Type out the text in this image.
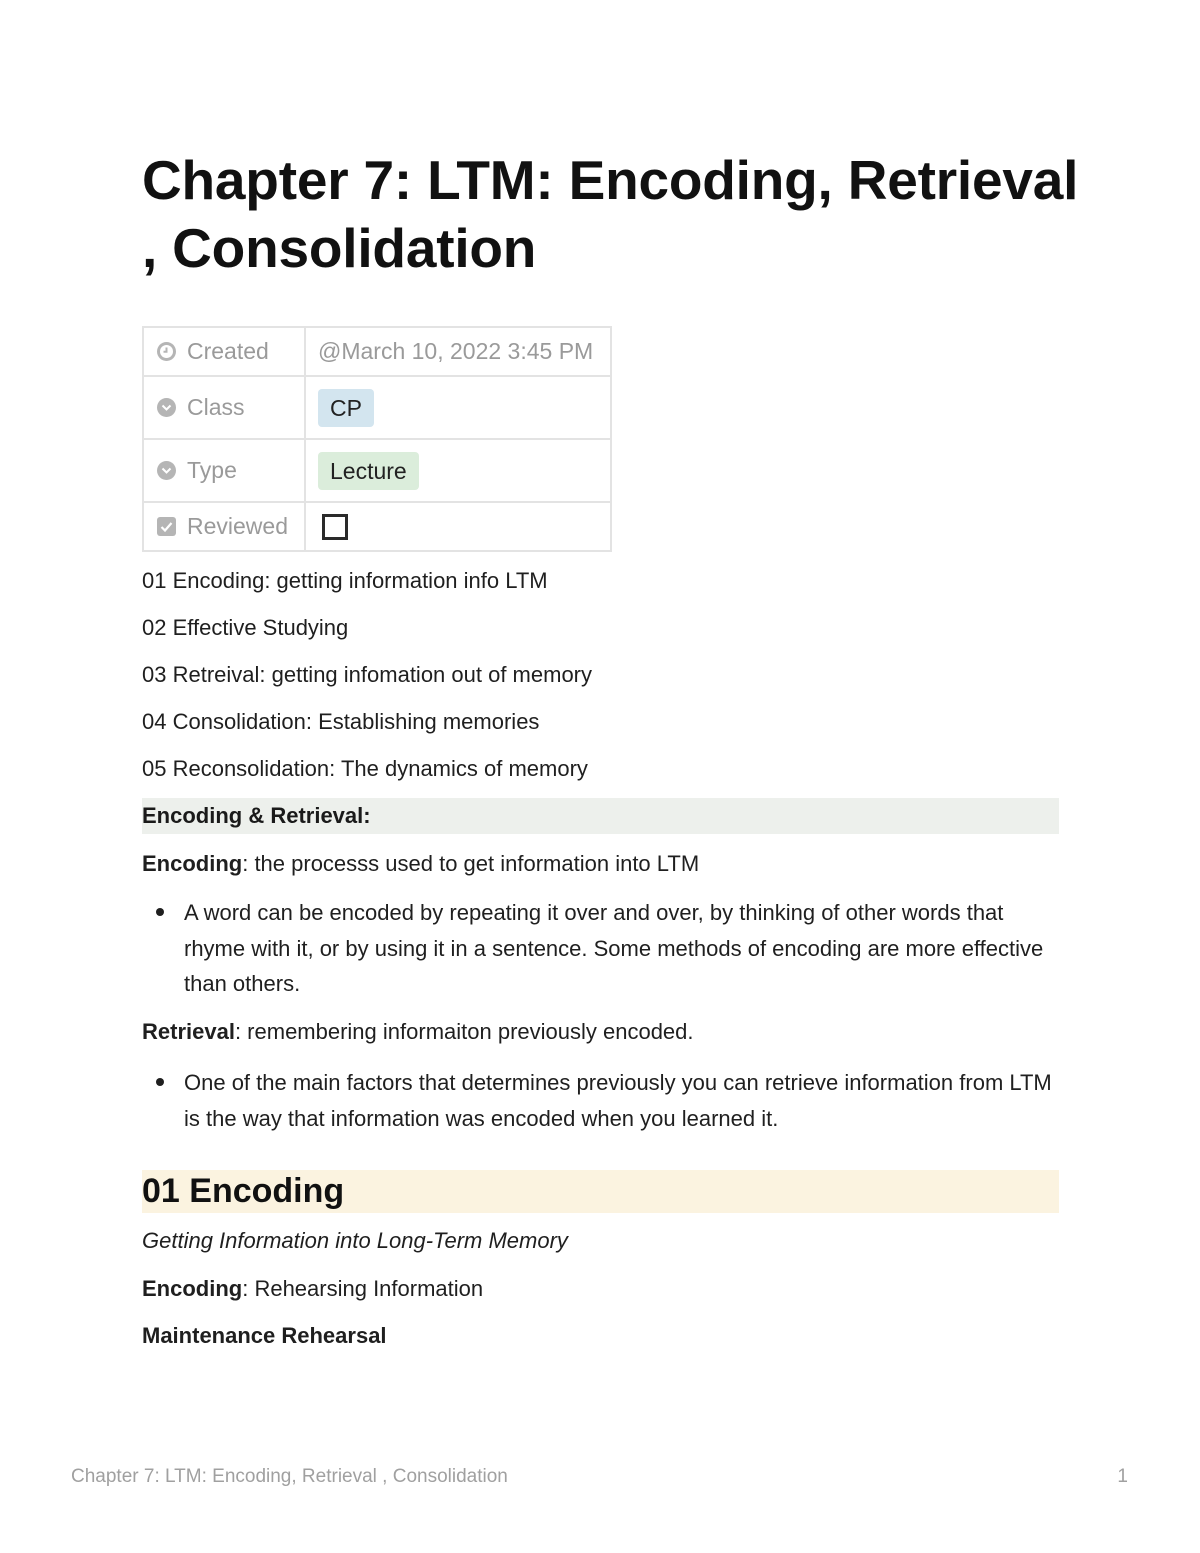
Chapter 7: LTM: Encoding, Retrieval , Consolidation
Created	@March 10, 2022 3:45 PM

Class	CP

Type	Lecture

Reviewed	

01 Encoding: getting information info LTM

02 Effective Studying

03 Retreival: getting infomation out of memory

04 Consolidation: Establishing memories

05 Reconsolidation: The dynamics of memory

Encoding & Retrieval:

Encoding: the processs used to get information into LTM

A word can be encoded by repeating it over and over, by thinking of other words that rhyme with it, or by using it in a sentence. Some methods of encoding are more effective than others.

Retrieval: remembering informaiton previously encoded.

One of the main factors that determines previously you can retrieve information from LTM is the way that information was encoded when you learned it.
01 Encoding

Getting Information into Long-Term Memory

Encoding: Rehearsing Information

Maintenance Rehearsal

Chapter 7: LTM: Encoding, Retrieval , Consolidation	1
